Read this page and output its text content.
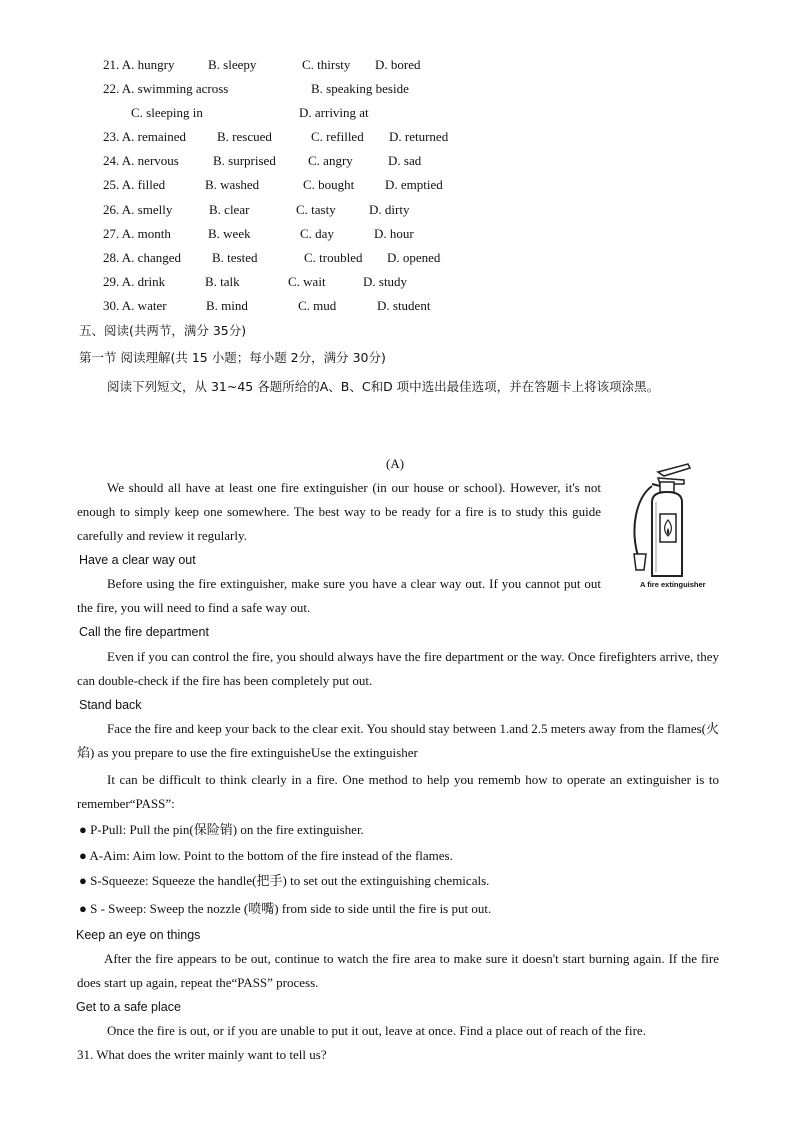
21. A. hungry	B. sleepy	C. thirsty D. bored
22. A. swimming across	B. speaking beside
C. sleeping in	D. arriving at
23. A. remained B. rescued	C. refilled D. returned
24. A. nervous	B. surprised C. angry	D. sad
25. A. filled	B. washed	C. bought D. emptied
26. A. smelly	B. clear	C. tasty	D. dirty
27. A. month	B. week	C. day	D. hour
28. A. changed B. tested	C. troubled D. opened
29. A. drink	B. talk	C. wait	D. study
30. A. water	B. mind	C. mud	D. student
五、阅读(共两节，满分 35分)
第一节 阅读理解(共 15 小题；每小题 2分，满分 30分)
阅读下列短文，从 31~45 各题所给的A、B、C和D 项中选出最佳选项，并在答题卡上将该项涂黑。
(A)
We should all have at least one fire extinguisher (in our house or school). However, it's not enough to simply keep one somewhere. The best way to be ready for a fire is to study this guide carefully and review it regularly.
A fire extinguisher
Have a clear way out
Before using the fire extinguisher, make sure you have a clear way out. If you cannot put out the fire, you will need to find a safe way out.
Call the fire department
Even if you can control the fire, you should always have the fire department or the way. Once firefighters arrive, they can double-check if the fire has been completely put out.
Stand back
Face the fire and keep your back to the clear exit. You should stay between 1.and 2.5 meters away from the flames(火焰) as you prepare to use the fire extinguisheUse the extinguisher
It can be difficult to think clearly in a fire. One method to help you rememb how to operate an extinguisher is to remember“PASS”:
● P-Pull: Pull the pin(保险销) on the fire extinguisher.
● A-Aim: Aim low. Point to the bottom of the fire instead of the flames.
● S-Squeeze: Squeeze the handle(把手) to set out the extinguishing chemicals.
● S - Sweep: Sweep the nozzle (喷嘴) from side to side until the fire is put out.
Keep an eye on things
After the fire appears to be out, continue to watch the fire area to make sure it doesn't start burning again. If the fire does start up again, repeat the“PASS” process.
Get to a safe place
Once the fire is out, or if you are unable to put it out, leave at once. Find a place out of reach of the fire.
31. What does the writer mainly want to tell us?
